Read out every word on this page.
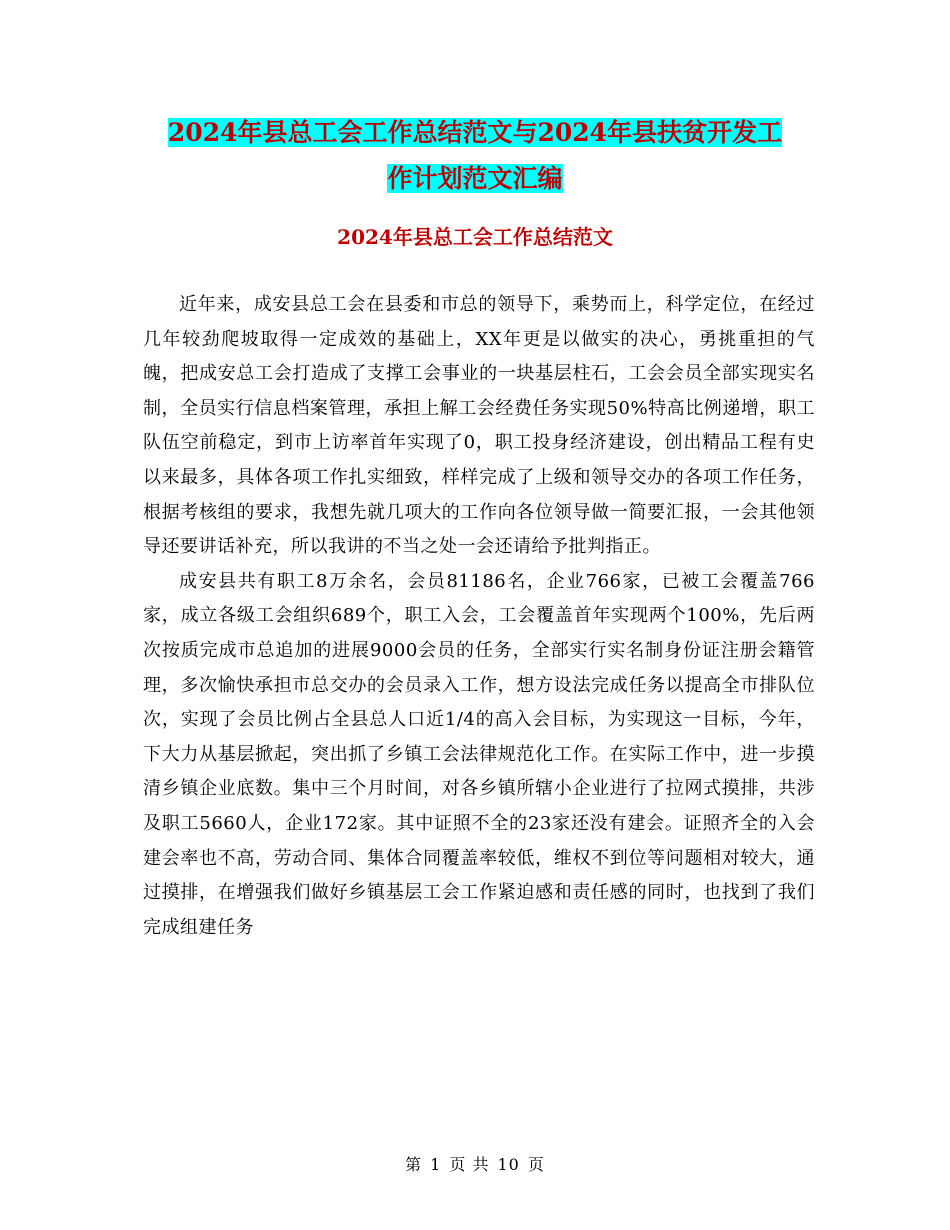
2024年县总工会工作总结范文与2024年县扶贫开发工
作计划范文汇编
2024年县总工会工作总结范文

近年来，成安县总工会在县委和市总的领导下，乘势而上，科学定位，在经过几年较劲爬坡取得一定成效的基础上，XX年更是以做实的决心，勇挑重担的气魄，把成安总工会打造成了支撑工会事业的一块基层柱石，工会会员全部实现实名制，全员实行信息档案管理，承担上解工会经费任务实现50%特高比例递增，职工队伍空前稳定，到市上访率首年实现了0，职工投身经济建设，创出精品工程有史以来最多，具体各项工作扎实细致，样样完成了上级和领导交办的各项工作任务，根据考核组的要求，我想先就几项大的工作向各位领导做一简要汇报，一会其他领导还要讲话补充，所以我讲的不当之处一会还请给予批判指正。

成安县共有职工8万余名，会员81186名，企业766家，已被工会覆盖766家，成立各级工会组织689个，职工入会，工会覆盖首年实现两个100%，先后两次按质完成市总追加的进展9000会员的任务，全部实行实名制身份证注册会籍管理，多次愉快承担市总交办的会员录入工作，想方设法完成任务以提高全市排队位次，实现了会员比例占全县总人口近1/4的高入会目标，为实现这一目标，今年，下大力从基层掀起，突出抓了乡镇工会法律规范化工作。在实际工作中，进一步摸清乡镇企业底数。集中三个月时间，对各乡镇所辖小企业进行了拉网式摸排，共涉及职工5660人，企业172家。其中证照不全的23家还没有建会。证照齐全的入会建会率也不高，劳动合同、集体合同覆盖率较低，维权不到位等问题相对较大，通过摸排，在增强我们做好乡镇基层工会工作紧迫感和责任感的同时，也找到了我们完成组建任务

第 1 页 共 10 页
